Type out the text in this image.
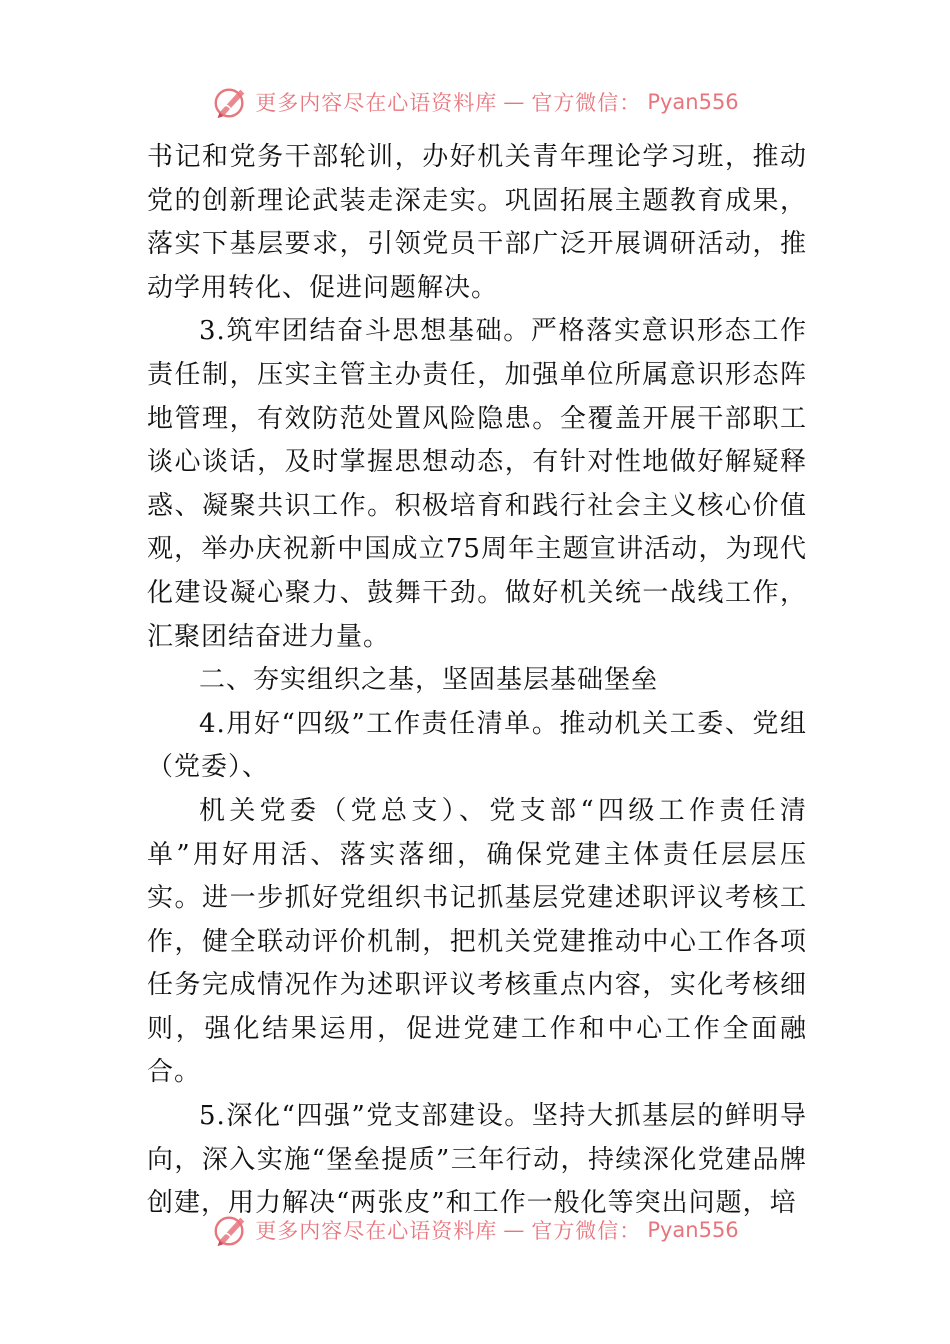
更多内容尽在心语资料库 — 官方微信： Pyan556

书记和党务干部轮训，办好机关青年理论学习班，推动党的创新理论武装走深走实。巩固拓展主题教育成果，落实下基层要求，引领党员干部广泛开展调研活动，推动学用转化、促进问题解决。

3.筑牢团结奋斗思想基础。严格落实意识形态工作责任制，压实主管主办责任，加强单位所属意识形态阵地管理，有效防范处置风险隐患。全覆盖开展干部职工谈心谈话，及时掌握思想动态，有针对性地做好解疑释惑、凝聚共识工作。积极培育和践行社会主义核心价值观，举办庆祝新中国成立75周年主题宣讲活动，为现代化建设凝心聚力、鼓舞干劲。做好机关统一战线工作，汇聚团结奋进力量。

二、夯实组织之基，坚固基层基础堡垒

4.用好“四级”工作责任清单。推动机关工委、党组（党委）、

机关党委（党总支）、党支部“四级工作责任清单”用好用活、落实落细，确保党建主体责任层层压实。进一步抓好党组织书记抓基层党建述职评议考核工作，健全联动评价机制，把机关党建推动中心工作各项任务完成情况作为述职评议考核重点内容，实化考核细则，强化结果运用，促进党建工作和中心工作全面融合。

5.深化“四强”党支部建设。坚持大抓基层的鲜明导向，深入实施“堡垒提质”三年行动，持续深化党建品牌创建，用力解决“两张皮”和工作一般化等突出问题，培

更多内容尽在心语资料库 — 官方微信： Pyan556
